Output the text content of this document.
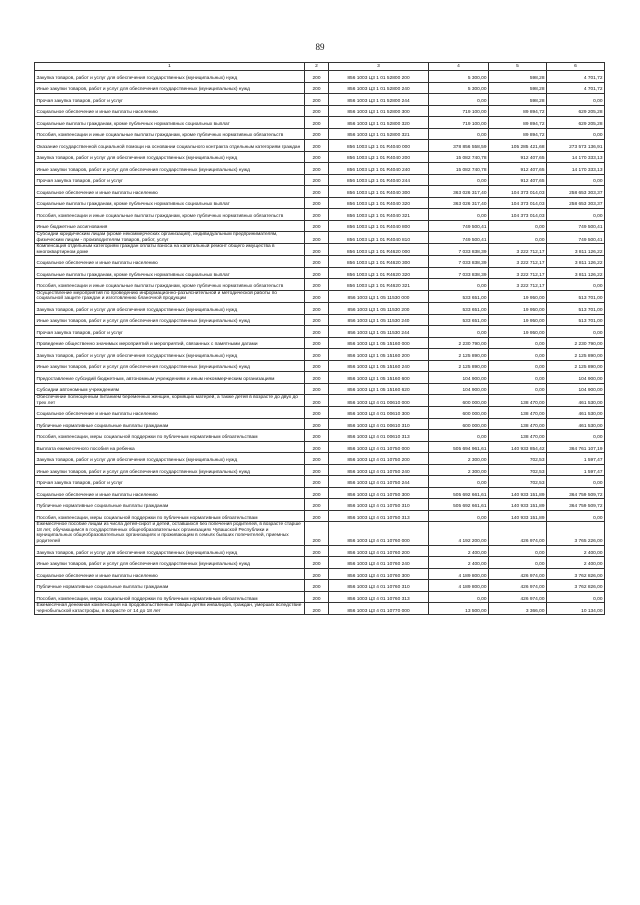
89
1	2	3	4	5	6
Закупка товаров, работ и услуг для обеспечения государственных (муниципальных) нужд	200	856 1003 Ц3 1 01 52800 200	5 300,00	598,28	4 701,72
Иные закупки товаров, работ и услуг для обеспечения государственных (муниципальных) нужд	200	856 1003 Ц3 1 01 52800 240	5 300,00	598,28	4 701,72
Прочая закупка товаров, работ и услуг	200	856 1003 Ц3 1 01 52800 244	0,00	598,28	0,00
Социальное обеспечение и иные выплаты населению	200	856 1003 Ц3 1 01 52800 300	719 100,00	89 894,72	629 205,28
Социальные выплаты гражданам, кроме публичных нормативных социальных выплат	200	856 1003 Ц3 1 01 52800 320	719 100,00	89 894,72	629 205,28
Пособия, компенсации и иные социальные выплаты гражданам, кроме публичных нормативных обязательств	200	856 1003 Ц3 1 01 52800 321	0,00	89 894,72	0,00
Оказание государственной социальной помощи на основании социального контракта отдельным категориям граждан	200	856 1003 Ц3 1 01 R4040 000	378 856 558,59	105 285 421,68	273 573 136,91
Закупка товаров, работ и услуг для обеспечения государственных (муниципальных) нужд	200	856 1003 Ц3 1 01 R4040 200	15 082 740,78	912 407,65	14 170 333,13
Иные закупки товаров, работ и услуг для обеспечения государственных (муниципальных) нужд	200	856 1003 Ц3 1 01 R4040 240	15 082 740,78	912 407,65	14 170 333,13
Прочая закупка товаров, работ и услуг	200	856 1003 Ц3 1 01 R4040 244	0,00	912 407,65	0,00
Социальное обеспечение и иные выплаты населению	200	856 1003 Ц3 1 01 R4040 300	363 026 317,40	104 373 014,03	258 653 303,37
Социальные выплаты гражданам, кроме публичных нормативных социальных выплат	200	856 1003 Ц3 1 01 R4040 320	363 026 317,40	104 373 014,03	258 653 303,37
Пособия, компенсации и иные социальные выплаты гражданам, кроме публичных нормативных обязательств	200	856 1003 Ц3 1 01 R4040 321	0,00	104 373 014,03	0,00
Иные бюджетные ассигнования	200	856 1003 Ц3 1 01 R4040 800	749 500,41	0,00	749 500,41
Субсидии юридическим лицам (кроме некоммерческих организаций), индивидуальным предпринимателям, физическим лицам - производителям товаров, работ, услуг	200	856 1003 Ц3 1 01 R4040 810	749 500,41	0,00	749 500,41
Компенсация отдельным категориям граждан оплаты взноса на капитальный ремонт общего имущества в многоквартирном доме	200	856 1003 Ц3 1 01 R4620 000	7 033 838,39	3 222 712,17	3 811 126,22
Социальное обеспечение и иные выплаты населению	200	856 1003 Ц3 1 01 R4620 300	7 033 838,39	3 222 712,17	3 811 126,22
Социальные выплаты гражданам, кроме публичных нормативных социальных выплат	200	856 1003 Ц3 1 01 R4620 320	7 033 838,39	3 222 712,17	3 811 126,22
Пособия, компенсации и иные социальные выплаты гражданам, кроме публичных нормативных обязательств	200	856 1003 Ц3 1 01 R4620 321	0,00	3 222 712,17	0,00
Осуществление мероприятий по проведению информационно-разъяснительной и методической работы по социальной защите граждан и изготовлению бланочной продукции	200	856 1003 Ц3 1 05 11530 000	533 651,00	19 950,00	513 701,00
Закупка товаров, работ и услуг для обеспечения государственных (муниципальных) нужд	200	856 1003 Ц3 1 05 11530 200	533 651,00	19 950,00	513 701,00
Иные закупки товаров, работ и услуг для обеспечения государственных (муниципальных) нужд	200	856 1003 Ц3 1 05 11530 240	533 651,00	19 950,00	513 701,00
Прочая закупка товаров, работ и услуг	200	856 1003 Ц3 1 05 11530 244	0,00	19 950,00	0,00
Проведение общественно значимых мероприятий и мероприятий, связанных с памятными датами	200	856 1003 Ц3 1 05 15160 000	2 230 790,00	0,00	2 230 790,00
Закупка товаров, работ и услуг для обеспечения государственных (муниципальных) нужд	200	856 1003 Ц3 1 05 15160 200	2 125 890,00	0,00	2 125 890,00
Иные закупки товаров, работ и услуг для обеспечения государственных (муниципальных) нужд	200	856 1003 Ц3 1 05 15160 240	2 125 890,00	0,00	2 125 890,00
Предоставление субсидий бюджетным, автономным учреждениям и иным некоммерческим организациям	200	856 1003 Ц3 1 05 15160 600	104 900,00	0,00	104 900,00
Субсидии автономным учреждениям	200	856 1003 Ц3 1 05 15160 620	104 900,00	0,00	104 900,00
Обеспечение полноценным питанием беременных женщин, кормящих матерей, а также детей в возрасте до двух до трех лет	200	856 1003 Ц3 4 01 00610 000	600 000,00	138 470,00	461 530,00
Социальное обеспечение и иные выплаты населению	200	856 1003 Ц3 4 01 00610 300	600 000,00	138 470,00	461 530,00
Публичные нормативные социальные выплаты гражданам	200	856 1003 Ц3 4 01 00610 310	600 000,00	138 470,00	461 530,00
Пособия, компенсации, меры социальной поддержки по публичным нормативным обязательствам	200	856 1003 Ц3 4 01 00610 313	0,00	138 470,00	0,00
Выплата ежемесячного пособия на ребенка	200	856 1003 Ц3 4 01 10750 000	505 694 961,61	140 933 854,42	364 761 107,19
Закупка товаров, работ и услуг для обеспечения государственных (муниципальных) нужд	200	856 1003 Ц3 4 01 10750 200	2 300,00	702,53	1 597,47
Иные закупки товаров, работ и услуг для обеспечения государственных (муниципальных) нужд	200	856 1003 Ц3 4 01 10750 240	2 300,00	702,53	1 597,47
Прочая закупка товаров, работ и услуг	200	856 1003 Ц3 4 01 10750 244	0,00	702,53	0,00
Социальное обеспечение и иные выплаты населению	200	856 1003 Ц3 4 01 10750 300	505 692 661,61	140 933 151,89	364 759 509,72
Публичные нормативные социальные выплаты гражданам	200	856 1003 Ц3 4 01 10750 310	505 692 661,61	140 933 151,89	364 759 509,72
Пособия, компенсации, меры социальной поддержки по публичным нормативным обязательствам	200	856 1003 Ц3 4 01 10750 313	0,00	140 933 151,89	0,00
Ежемесячное пособие лицам из числа детей-сирот и детей, оставшихся без попечения родителей, в возрасте старше 18 лет, обучающимся в государственных общеобразовательных организациях Чувашской Республики и муниципальных общеобразовательных организациях и проживающим в семьях бывших попечителей, приемных родителей	200	856 1003 Ц3 4 01 10760 000	4 192 200,00	426 974,00	3 765 226,00
Закупка товаров, работ и услуг для обеспечения государственных (муниципальных) нужд	200	856 1003 Ц3 4 01 10760 200	2 400,00	0,00	2 400,00
Иные закупки товаров, работ и услуг для обеспечения государственных (муниципальных) нужд	200	856 1003 Ц3 4 01 10760 240	2 400,00	0,00	2 400,00
Социальное обеспечение и иные выплаты населению	200	856 1003 Ц3 4 01 10760 300	4 189 800,00	426 974,00	3 762 826,00
Публичные нормативные социальные выплаты гражданам	200	856 1003 Ц3 4 01 10760 310	4 189 800,00	426 974,00	3 762 826,00
Пособия, компенсации, меры социальной поддержки по публичным нормативным обязательствам	200	856 1003 Ц3 4 01 10760 313	0,00	426 974,00	0,00
Ежемесячная денежная компенсация на продовольственные товары детям инвалидов, граждан, умерших вследствие чернобыльской катастрофы, в возрасте от 14 до 18 лет	200	856 1003 Ц3 4 01 10770 000	13 500,00	3 366,00	10 134,00
